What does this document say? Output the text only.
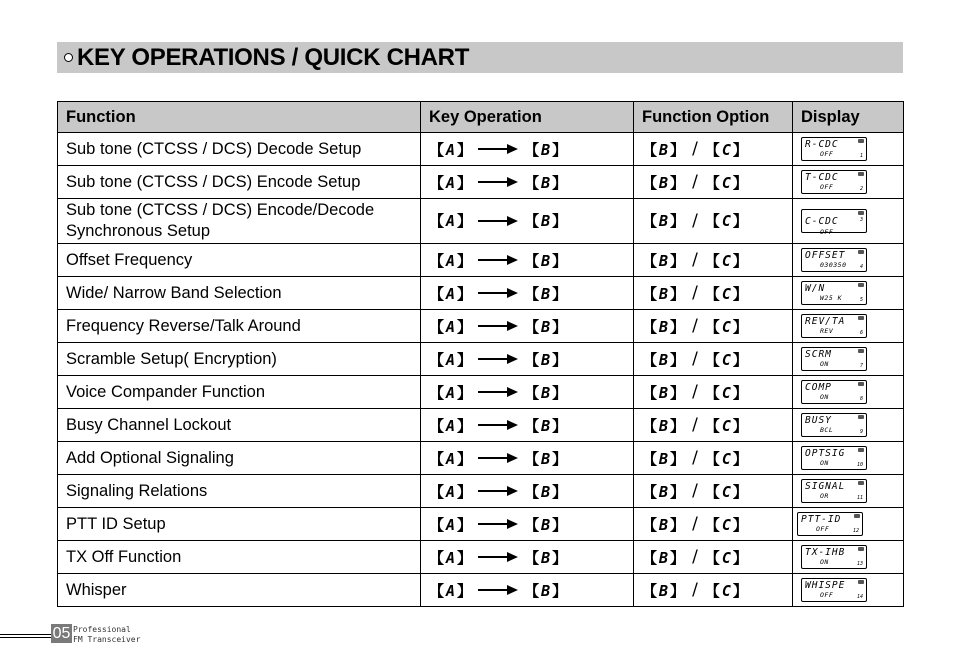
KEY OPERATIONS / QUICK CHART
Function	Key Operation	Function Option	Display
Sub tone (CTCSS / DCS) Decode Setup	【 A 】 【 B 】	【 B 】 / 【 C 】	R-CDC
OFF 1

Sub tone (CTCSS / DCS) Encode Setup	【 A 】 【 B 】	【 B 】 / 【 C 】	T-CDC
OFF 2

Sub tone (CTCSS / DCS) Encode/Decode Synchronous Setup	【 A 】 【 B 】	【 B 】 / 【 C 】	C-CDC
OFF
3

Offset Frequency	【 A 】 【 B 】	【 B 】 / 【 C 】	OFFSET
030350 4

Wide/ Narrow Band Selection	【 A 】 【 B 】	【 B 】 / 【 C 】	W/N
W25 K 5

Frequency Reverse/Talk Around	【 A 】 【 B 】	【 B 】 / 【 C 】	REV/TA
REV 6

Scramble Setup( Encryption)	【 A 】 【 B 】	【 B 】 / 【 C 】	SCRM
ON 7

Voice Compander Function	【 A 】 【 B 】	【 B 】 / 【 C 】	COMP
ON 8

Busy Channel Lockout	【 A 】 【 B 】	【 B 】 / 【 C 】	BUSY
BCL 9

Add Optional Signaling	【 A 】 【 B 】	【 B 】 / 【 C 】	OPTSIG
ON 10

Signaling Relations	【 A 】 【 B 】	【 B 】 / 【 C 】	SIGNAL
OR 11

PTT ID Setup	【 A 】 【 B 】	【 B 】 / 【 C 】	PTT-ID
OFF 12

TX Off Function	【 A 】 【 B 】	【 B 】 / 【 C 】	TX-IHB
ON 13

Whisper	【 A 】 【 B 】	【 B 】 / 【 C 】	WHISPE
OFF 14
05 Professional
FM Transceiver
